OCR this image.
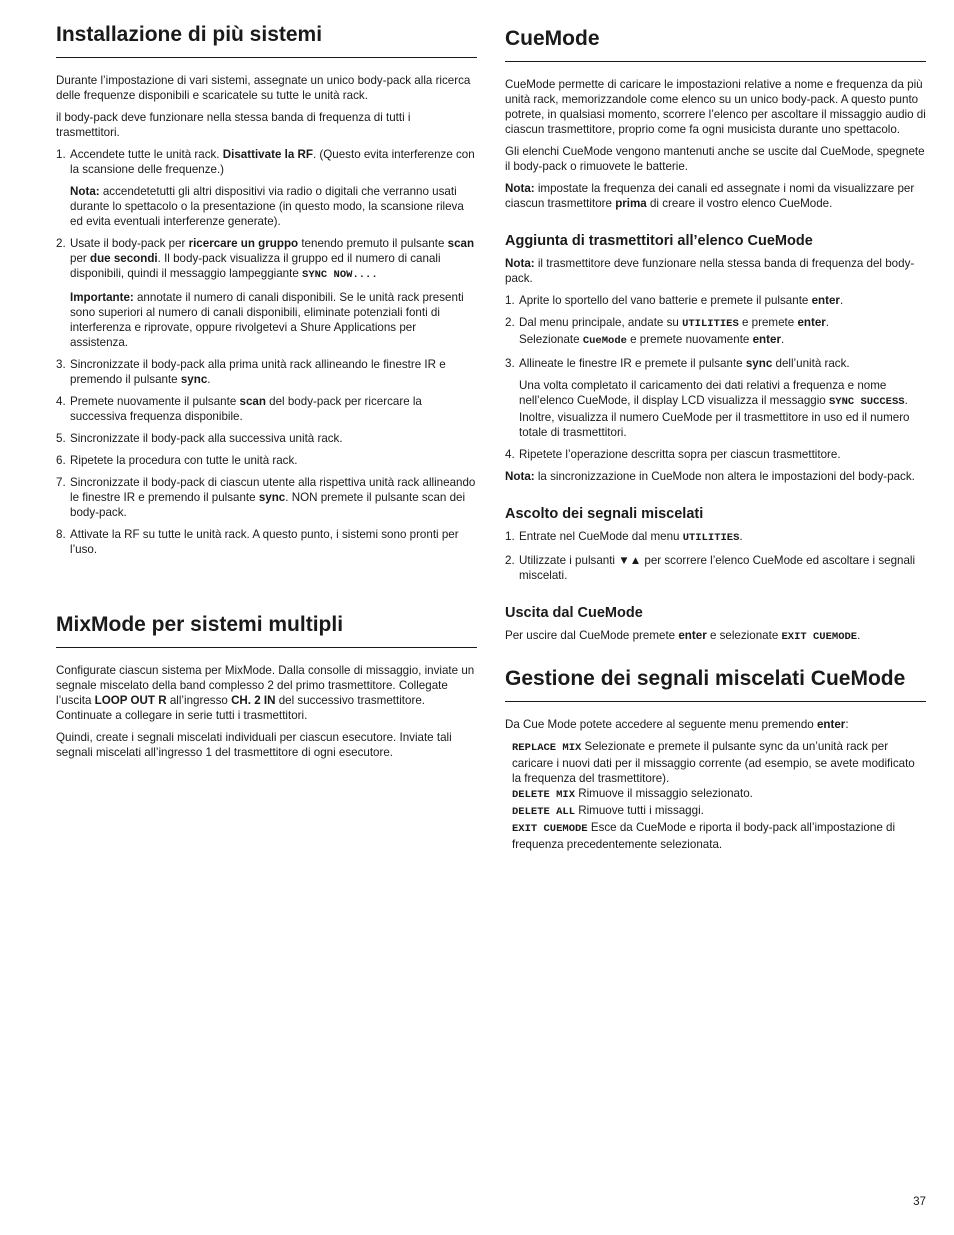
Installazione di più sistemi

Durante l’impostazione di vari sistemi, assegnate un unico body-pack alla ricerca delle frequenze disponibili e scaricatele su tutte le unità rack.

il body-pack deve funzionare nella stessa banda di frequenza di tutti i trasmettitori.

1. Accendete tutte le unità rack. Disattivate la RF. (Questo evita interferenze con la scansione delle frequenze.)

Nota: accendetetutti gli altri dispositivi via radio o digitali che verranno usati durante lo spettacolo o la presentazione (in questo modo, la scansione rileva ed evita eventuali interferenze generate).

2. Usate il body-pack per ricercare un gruppo tenendo premuto il pulsante scan per due secondi. Il body-pack visualizza il gruppo ed il numero di canali disponibili, quindi il messaggio lampeggiante SYNC NOW....

Importante: annotate il numero di canali disponibili. Se le unità rack presenti sono superiori al numero di canali disponibili, eliminate potenziali fonti di interferenza e riprovate, oppure rivolgetevi a Shure Applications per assistenza.

3. Sincronizzate il body-pack alla prima unità rack allineando le finestre IR e premendo il pulsante sync.
4. Premete nuovamente il pulsante scan del body-pack per ricercare la successiva frequenza disponibile.
5. Sincronizzate il body-pack alla successiva unità rack.
6. Ripetete la procedura con tutte le unità rack.
7. Sincronizzate il body-pack di ciascun utente alla rispettiva unità rack allineando le finestre IR e premendo il pulsante sync. NON premete il pulsante scan dei body-pack.
8. Attivate la RF su tutte le unità rack. A questo punto, i sistemi sono pronti per l’uso.
MixMode per sistemi multipli

Configurate ciascun sistema per MixMode. Dalla consolle di missaggio, inviate un segnale miscelato della band complesso 2 del primo trasmettitore. Collegate l’uscita LOOP OUT R all’ingresso CH. 2 IN del successivo trasmettitore. Continuate a collegare in serie tutti i trasmettitori.

Quindi, create i segnali miscelati individuali per ciascun esecutore. Inviate tali segnali miscelati all’ingresso 1 del trasmettitore di ogni esecutore.

CueMode

CueMode permette di caricare le impostazioni relative a nome e frequenza da più unità rack, memorizzandole come elenco su un unico body-pack. A questo punto potrete, in qualsiasi momento, scorrere l’elenco per ascoltare il missaggio audio di ciascun trasmettitore, proprio come fa ogni musicista durante uno spettacolo.

Gli elenchi CueMode vengono mantenuti anche se uscite dal CueMode, spegnete il body-pack o rimuovete le batterie.

Nota: impostate la frequenza dei canali ed assegnate i nomi da visualizzare per ciascun trasmettitore prima di creare il vostro elenco CueMode.

Aggiunta di trasmettitori all’elenco CueMode

Nota: il trasmettitore deve funzionare nella stessa banda di frequenza del body-pack.

1. Aprite lo sportello del vano batterie e premete il pulsante enter.
2. Dal menu principale, andate su UTILITIES e premete enter.
Selezionate CueMode e premete nuovamente enter.
3. Allineate le finestre IR e premete il pulsante sync dell’unità rack.

Una volta completato il caricamento dei dati relativi a frequenza e nome nell’elenco CueMode, il display LCD visualizza il messaggio SYNC SUCCESS. Inoltre, visualizza il numero CueMode per il trasmettitore in uso ed il numero totale di trasmettitori.

4. Ripetete l’operazione descritta sopra per ciascun trasmettitore.

Nota: la sincronizzazione in CueMode non altera le impostazioni del body-pack.

Ascolto dei segnali miscelati
1. Entrate nel CueMode dal menu UTILITIES.
2. Utilizzate i pulsanti ▼▲ per scorrere l’elenco CueMode ed ascoltare i segnali miscelati.
Uscita dal CueMode

Per uscire dal CueMode premete enter e selezionate EXIT CUEMODE.

Gestione dei segnali miscelati CueMode

Da Cue Mode potete accedere al seguente menu premendo enter:

REPLACE MIX Selezionate e premete il pulsante sync da un’unità rack per caricare i nuovi dati per il missaggio corrente (ad esempio, se avete modificato la frequenza del trasmettitore).
DELETE MIX Rimuove il missaggio selezionato.
DELETE ALL Rimuove tutti i missaggi.
EXIT CUEMODE Esce da CueMode e riporta il body-pack all’impostazione di frequenza precedentemente selezionata.
37
